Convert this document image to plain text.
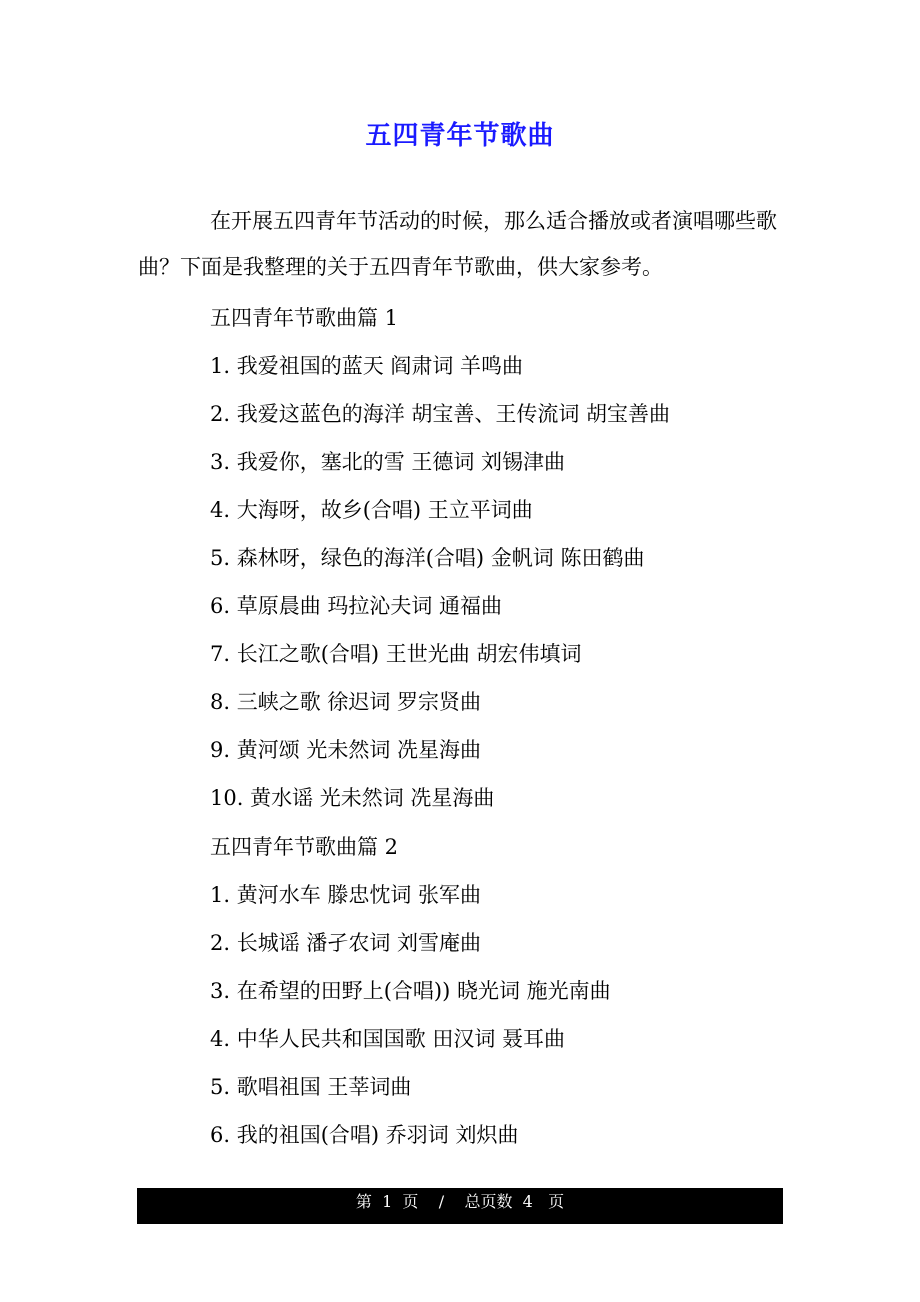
五四青年节歌曲

在开展五四青年节活动的时候，那么适合播放或者演唱哪些歌曲？下面是我整理的关于五四青年节歌曲，供大家参考。

五四青年节歌曲篇 1
1. 我爱祖国的蓝天 阎肃词 羊鸣曲
2. 我爱这蓝色的海洋 胡宝善、王传流词 胡宝善曲
3. 我爱你，塞北的雪 王德词 刘锡津曲
4. 大海呀，故乡(合唱) 王立平词曲
5. 森林呀，绿色的海洋(合唱) 金帆词 陈田鹤曲
6. 草原晨曲 玛拉沁夫词 通福曲
7. 长江之歌(合唱) 王世光曲 胡宏伟填词
8. 三峡之歌 徐迟词 罗宗贤曲
9. 黄河颂 光未然词 冼星海曲
10. 黄水谣 光未然词 冼星海曲
五四青年节歌曲篇 2
1. 黄河水车 滕忠忱词 张军曲
2. 长城谣 潘孑农词 刘雪庵曲
3. 在希望的田野上(合唱)) 晓光词 施光南曲
4. 中华人民共和国国歌 田汉词 聂耳曲
5. 歌唱祖国 王莘词曲
6. 我的祖国(合唱) 乔羽词 刘炽曲
第  1  页    /    总页数  4   页
